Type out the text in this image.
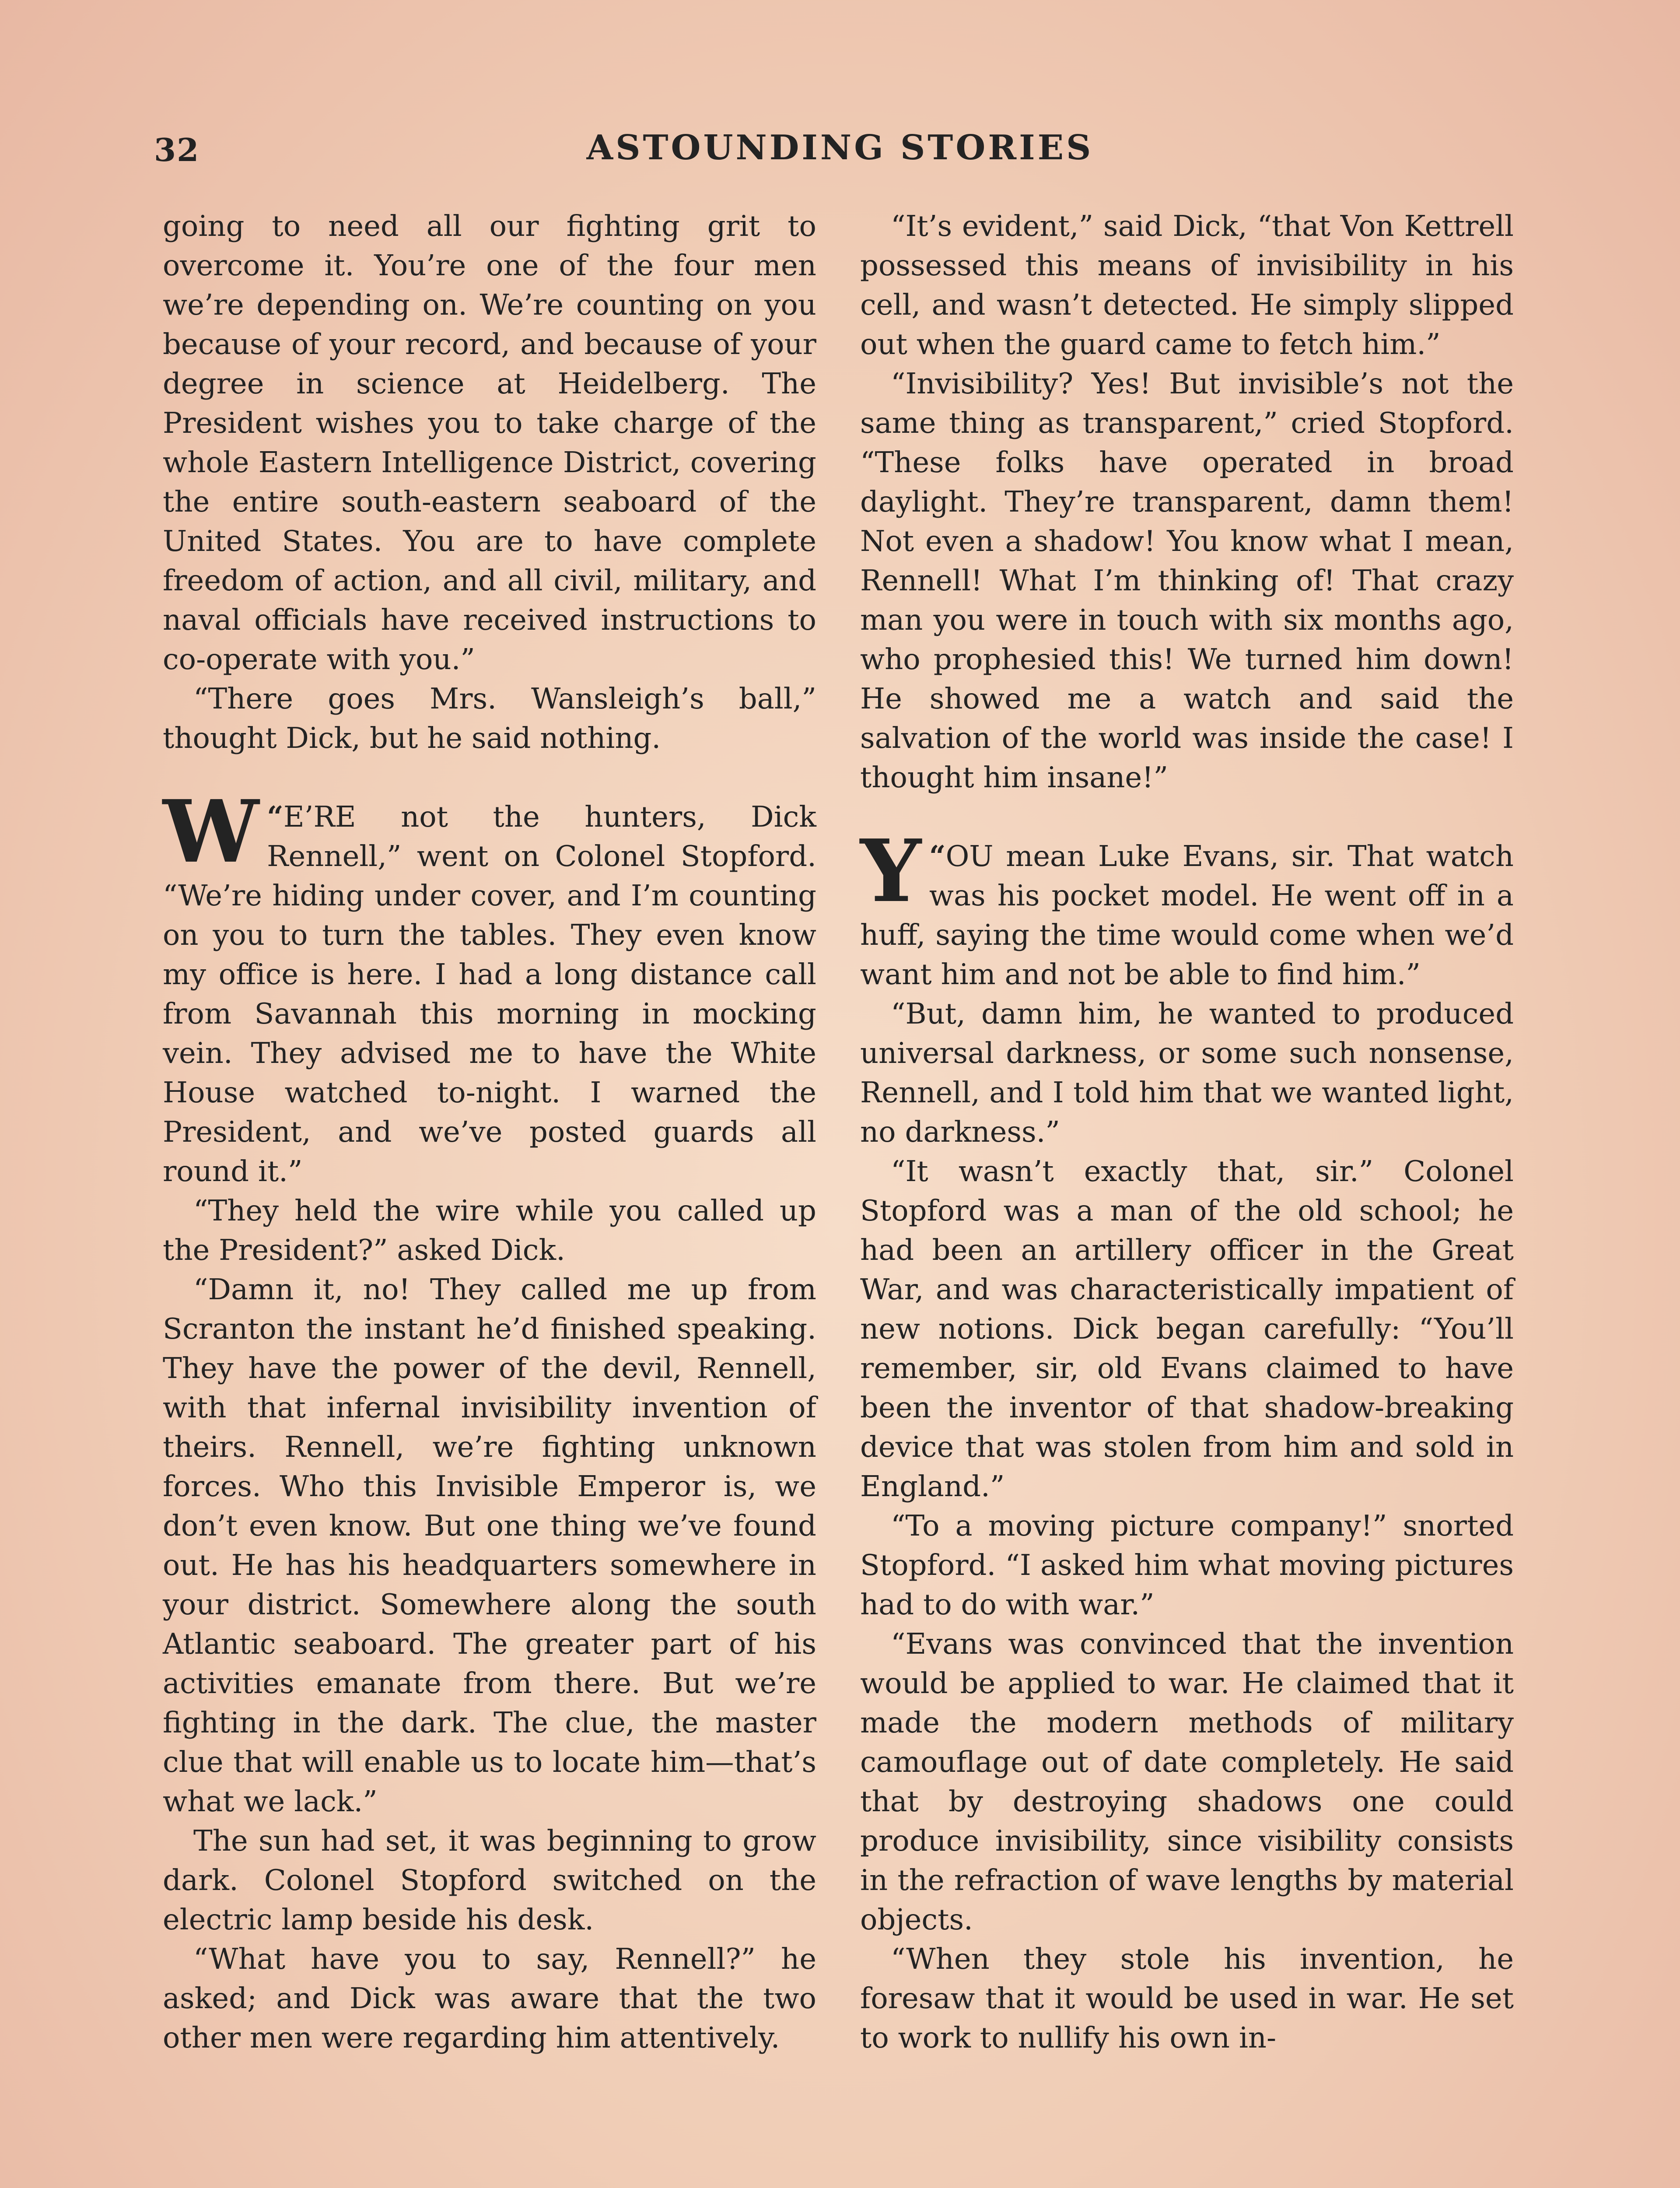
32	ASTOUNDING STORIES

going to need all our fighting grit to overcome it. You’re one of the four men we’re depending on. We’re counting on you because of your record, and because of your degree in science at Heidelberg. The President wishes you to take charge of the whole Eastern Intelligence District, covering the entire south-eastern seaboard of the United States. You are to have complete freedom of action, and all civil, military, and naval officials have received instructions to co-operate with you.”

“There goes Mrs. Wansleigh’s ball,” thought Dick, but he said nothing.

“
W E’RE not the hunters, Dick Rennell,” went on Colonel Stopford. “We’re hiding under cover, and I’m counting on you to turn the tables. They even know my office is here. I had a long distance call from Savannah this morning in mocking vein. They advised me to have the White House watched to-night. I warned the President, and we’ve posted guards all round it.”

“They held the wire while you called up the President?” asked Dick.

“Damn it, no! They called me up from Scranton the instant he’d finished speaking. They have the power of the devil, Rennell, with that infernal invisibility invention of theirs. Rennell, we’re fighting unknown forces. Who this Invisible Emperor is, we don’t even know. But one thing we’ve found out. He has his headquarters somewhere in your district. Somewhere along the south Atlantic seaboard. The greater part of his activities emanate from there. But we’re fighting in the dark. The clue, the master clue that will enable us to locate him—that’s what we lack.”

The sun had set, it was beginning to grow dark. Colonel Stopford switched on the electric lamp beside his desk.

“What have you to say, Rennell?” he asked; and Dick was aware that the two other men were regarding him attentively.

“It’s evident,” said Dick, “that Von Kettrell possessed this means of invisibility in his cell, and wasn’t detected. He simply slipped out when the guard came to fetch him.”

“Invisibility? Yes! But invisible’s not the same thing as transparent,” cried Stopford. “These folks have operated in broad daylight. They’re transparent, damn them! Not even a shadow! You know what I mean, Rennell! What I’m thinking of! That crazy man you were in touch with six months ago, who prophesied this! We turned him down! He showed me a watch and said the salvation of the world was inside the case! I thought him insane!”

“
Y OU mean Luke Evans, sir. That watch was his pocket model. He went off in a huff, saying the time would come when we’d want him and not be able to find him.”

“But, damn him, he wanted to produced universal darkness, or some such nonsense, Rennell, and I told him that we wanted light, no darkness.”

“It wasn’t exactly that, sir.” Colonel Stopford was a man of the old school; he had been an artillery officer in the Great War, and was characteristically impatient of new notions. Dick began carefully: “You’ll remember, sir, old Evans claimed to have been the inventor of that shadow-breaking device that was stolen from him and sold in England.”

“To a moving picture company!” snorted Stopford. “I asked him what moving pictures had to do with war.”

“Evans was convinced that the invention would be applied to war. He claimed that it made the modern methods of military camouflage out of date completely. He said that by destroying shadows one could produce invisibility, since visibility consists in the refraction of wave lengths by material objects.

“When they stole his invention, he foresaw that it would be used in war. He set to work to nullify his own in-
